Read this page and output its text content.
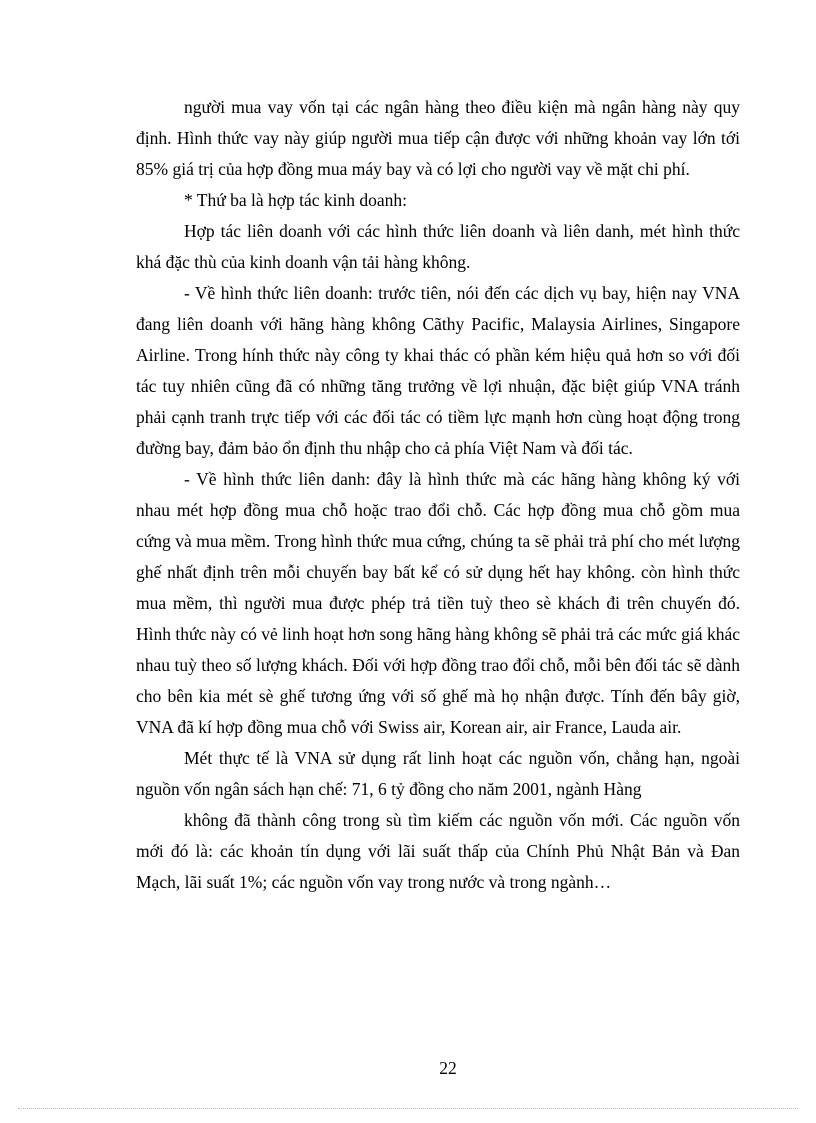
người mua vay vốn tại các ngân hàng theo điều kiện mà ngân hàng này quy định. Hình thức vay này giúp người mua tiếp cận được với những khoản vay lớn tới 85% giá trị của hợp đồng mua máy bay và có lợi cho người vay về mặt chi phí.

* Thứ ba là hợp tác kinh doanh:

Hợp tác liên doanh với các hình thức liên doanh và liên danh, mét hình thức khá đặc thù của kinh doanh vận tải hàng không.

- Về hình thức liên doanh: trước tiên, nói đến các dịch vụ bay, hiện nay VNA đang liên doanh với hãng hàng không Cãthy Pacific, Malaysia Airlines, Singapore Airline. Trong hính thức này công ty khai thác có phần kém hiệu quả hơn so với đối tác tuy nhiên cũng đã có những tăng trưởng về lợi nhuận, đặc biệt giúp VNA tránh phải cạnh tranh trực tiếp với các đối tác có tiềm lực mạnh hơn cùng hoạt động trong đường bay, đảm bảo ổn định thu nhập cho cả phía Việt Nam và đối tác.

- Về hình thức liên danh: đây là hình thức mà các hãng hàng không ký với nhau mét hợp đồng mua chỗ hoặc trao đổi chỗ. Các hợp đồng mua chỗ gồm mua cứng và mua mềm. Trong hình thức mua cứng, chúng ta sẽ phải trả phí cho mét lượng ghế nhất định trên mỗi chuyến bay bất kể có sử dụng hết hay không. còn hình thức mua mềm, thì người mua được phép trả tiền tuỳ theo sè khách đi trên chuyến đó. Hình thức này có vẻ linh hoạt hơn song hãng hàng không sẽ phải trả các mức giá khác nhau tuỳ theo số lượng khách. Đối với hợp đồng trao đổi chỗ, mỗi bên đối tác sẽ dành cho bên kia mét sè ghế tương ứng với số ghế mà họ nhận được. Tính đến bây giờ, VNA đã kí hợp đồng mua chỗ với Swiss air, Korean air, air France, Lauda air.

Mét thực tế là VNA sử dụng rất linh hoạt các nguồn vốn, chẳng hạn, ngoài nguồn vốn ngân sách hạn chế: 71, 6 tỷ đồng cho năm 2001, ngành Hàng

không đã thành công trong sù tìm kiếm các nguồn vốn mới. Các nguồn vốn mới đó là: các khoản tín dụng với lãi suất thấp của Chính Phủ Nhật Bản và Đan Mạch, lãi suất 1%; các nguồn vốn vay trong nước và trong ngành…

22
